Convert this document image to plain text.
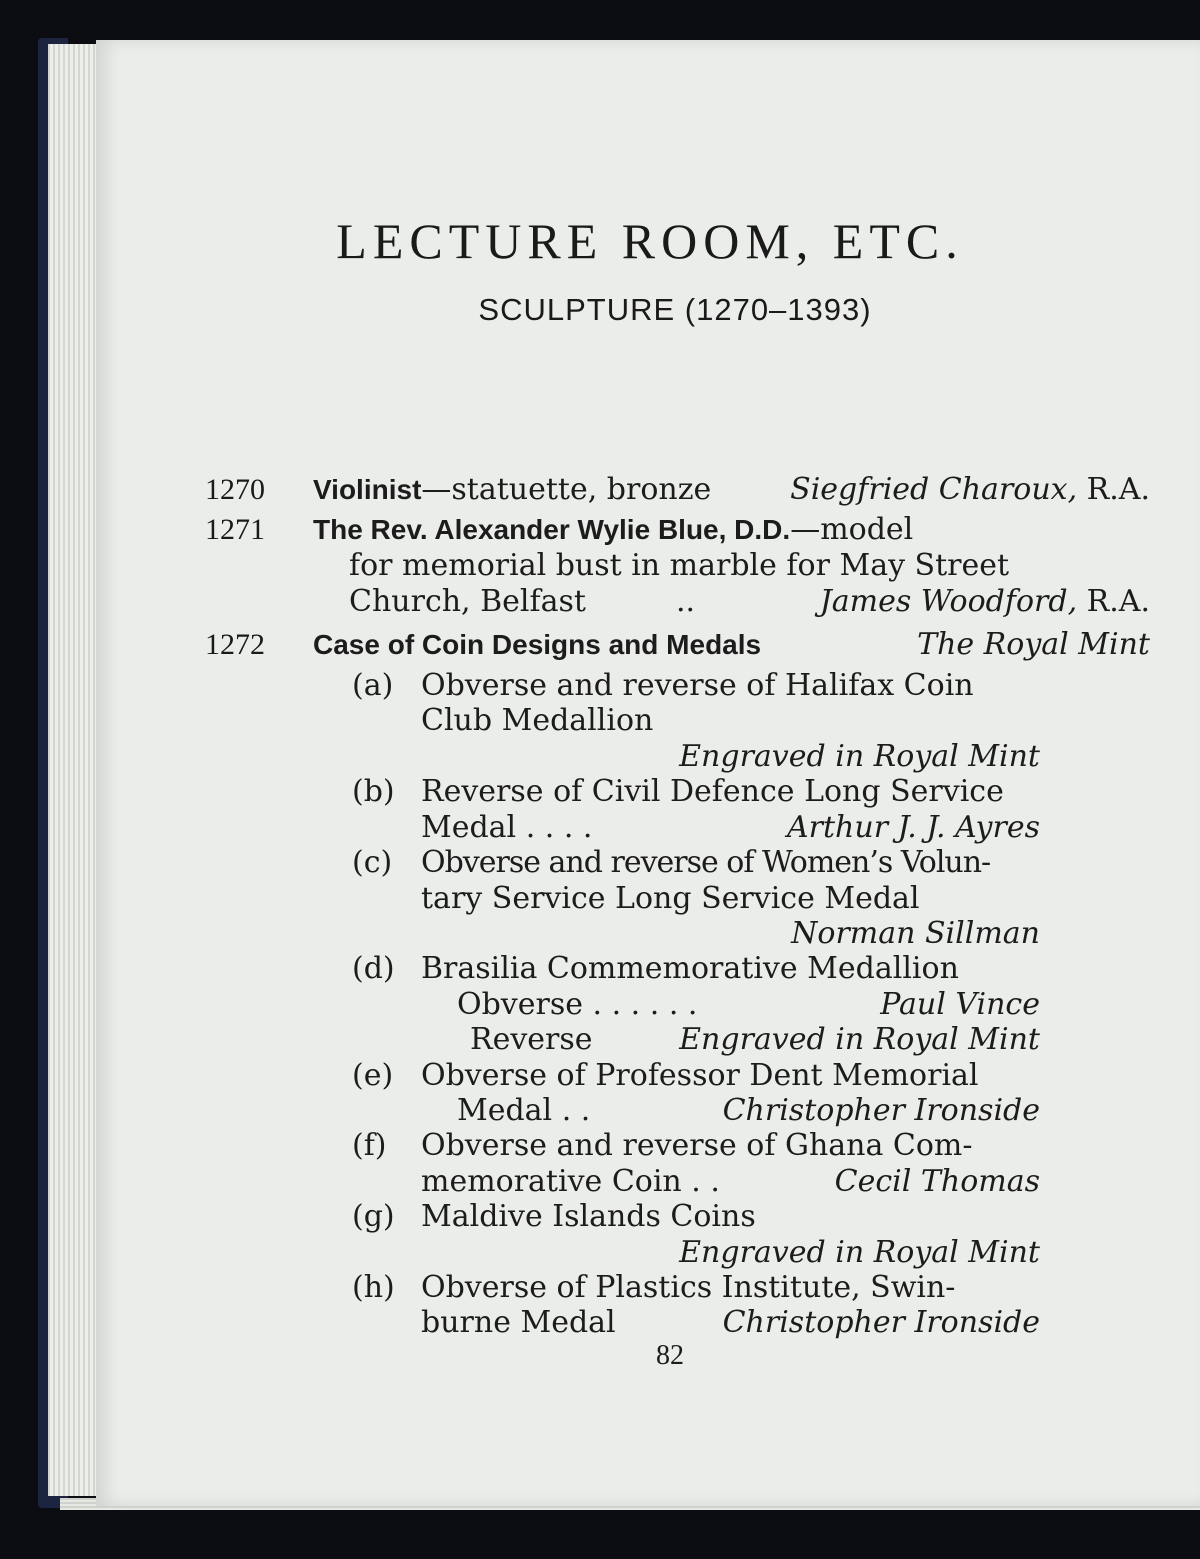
LECTURE ROOM, ETC.
SCULPTURE (1270–1393)
1270 Violinist—statuette, bronze	Siegfried Charoux, R.A.
1271 The Rev. Alexander Wylie Blue, D.D.—model
for memorial bust in marble for May Street
Church, Belfast	..	James Woodford, R.A.
1272 Case of Coin Designs and Medals	The Royal Mint
(a) Obverse and reverse of Halifax Coin
Club Medallion
Engraved in Royal Mint
(b) Reverse of Civil Defence Long Service
Medal . . . .	Arthur J. J. Ayres
(c) Obverse and reverse of Women’s Volun-
tary Service Long Service Medal
Norman Sillman
(d) Brasilia Commemorative Medallion
Obverse . . . . . .	Paul Vince
Reverse	Engraved in Royal Mint
(e) Obverse of Professor Dent Memorial
Medal . .	Christopher Ironside
(f) Obverse and reverse of Ghana Com-
memorative Coin . .	Cecil Thomas
(g) Maldive Islands Coins
Engraved in Royal Mint
(h) Obverse of Plastics Institute, Swin-
burne Medal	Christopher Ironside
82
